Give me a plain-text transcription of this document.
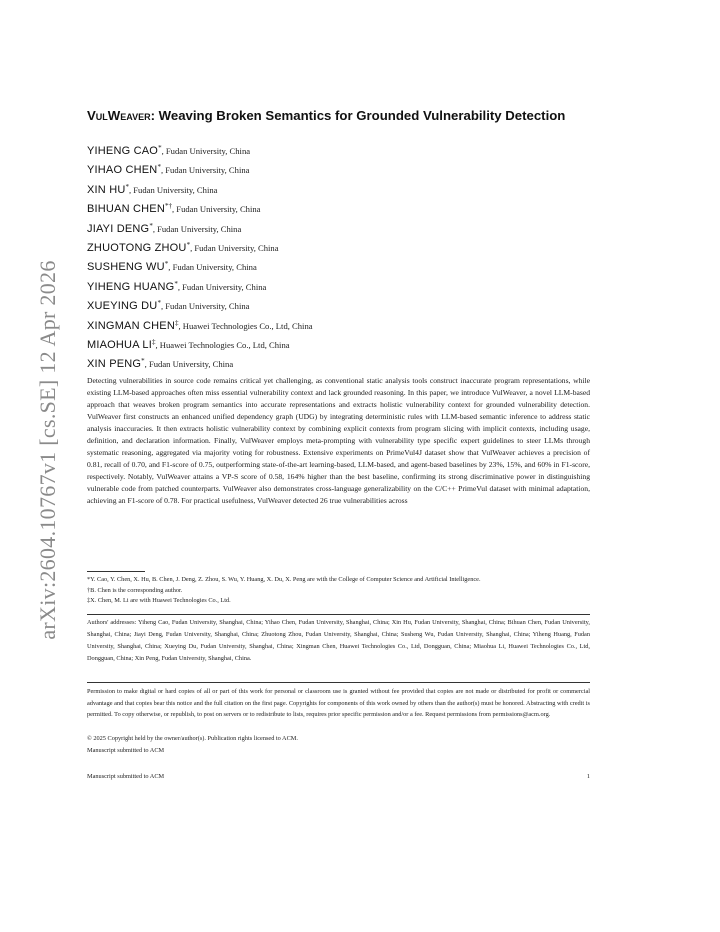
arXiv:2604.10767v1 [cs.SE] 12 Apr 2026
VulWeaver: Weaving Broken Semantics for Grounded Vulnerability Detection
YIHENG CAO*, Fudan University, China
YIHAO CHEN*, Fudan University, China
XIN HU*, Fudan University, China
BIHUAN CHEN*†, Fudan University, China
JIAYI DENG*, Fudan University, China
ZHUOTONG ZHOU*, Fudan University, China
SUSHENG WU*, Fudan University, China
YIHENG HUANG*, Fudan University, China
XUEYING DU*, Fudan University, China
XINGMAN CHEN‡, Huawei Technologies Co., Ltd, China
MIAOHUA LI‡, Huawei Technologies Co., Ltd, China
XIN PENG*, Fudan University, China
Detecting vulnerabilities in source code remains critical yet challenging, as conventional static analysis tools construct inaccurate program representations, while existing LLM-based approaches often miss essential vulnerability context and lack grounded reasoning. In this paper, we introduce VulWeaver, a novel LLM-based approach that weaves broken program semantics into accurate representations and extracts holistic vulnerability context for grounded vulnerability detection. VulWeaver first constructs an enhanced unified dependency graph (UDG) by integrating deterministic rules with LLM-based semantic inference to address static analysis inaccuracies. It then extracts holistic vulnerability context by combining explicit contexts from program slicing with implicit contexts, including usage, definition, and declaration information. Finally, VulWeaver employs meta-prompting with vulnerability type specific expert guidelines to steer LLMs through systematic reasoning, aggregated via majority voting for robustness. Extensive experiments on PrimeVul4J dataset show that VulWeaver achieves a precision of 0.81, recall of 0.70, and F1-score of 0.75, outperforming state-of-the-art learning-based, LLM-based, and agent-based baselines by 23%, 15%, and 60% in F1-score, respectively. Notably, VulWeaver attains a VP-S score of 0.58, 164% higher than the best baseline, confirming its strong discriminative power in distinguishing vulnerable code from patched counterparts. VulWeaver also demonstrates cross-language generalizability on the C/C++ PrimeVul dataset with minimal adaptation, achieving an F1-score of 0.78. For practical usefulness, VulWeaver detected 26 true vulnerabilities across
*Y. Cao, Y. Chen, X. Hu, B. Chen, J. Deng, Z. Zhou, S. Wu, Y. Huang, X. Du, X. Peng are with the College of Computer Science and Artificial Intelligence.
†B. Chen is the corresponding author.
‡X. Chen, M. Li are with Huawei Technologies Co., Ltd.
Authors' addresses: Yiheng Cao, Fudan University, Shanghai, China; Yihao Chen, Fudan University, Shanghai, China; Xin Hu, Fudan University, Shanghai, China; Bihuan Chen, Fudan University, Shanghai, China; Jiayi Deng, Fudan University, Shanghai, China; Zhuotong Zhou, Fudan University, Shanghai, China; Susheng Wu, Fudan University, Shanghai, China; Yiheng Huang, Fudan University, Shanghai, China; Xueying Du, Fudan University, Shanghai, China; Xingman Chen, Huawei Technologies Co., Ltd, Dongguan, China; Miaohua Li, Huawei Technologies Co., Ltd, Dongguan, China; Xin Peng, Fudan University, Shanghai, China.
Permission to make digital or hard copies of all or part of this work for personal or classroom use is granted without fee provided that copies are not made or distributed for profit or commercial advantage and that copies bear this notice and the full citation on the first page. Copyrights for components of this work owned by others than the author(s) must be honored. Abstracting with credit is permitted. To copy otherwise, or republish, to post on servers or to redistribute to lists, requires prior specific permission and/or a fee. Request permissions from permissions@acm.org.
© 2025 Copyright held by the owner/author(s). Publication rights licensed to ACM.
Manuscript submitted to ACM
Manuscript submitted to ACM	1
